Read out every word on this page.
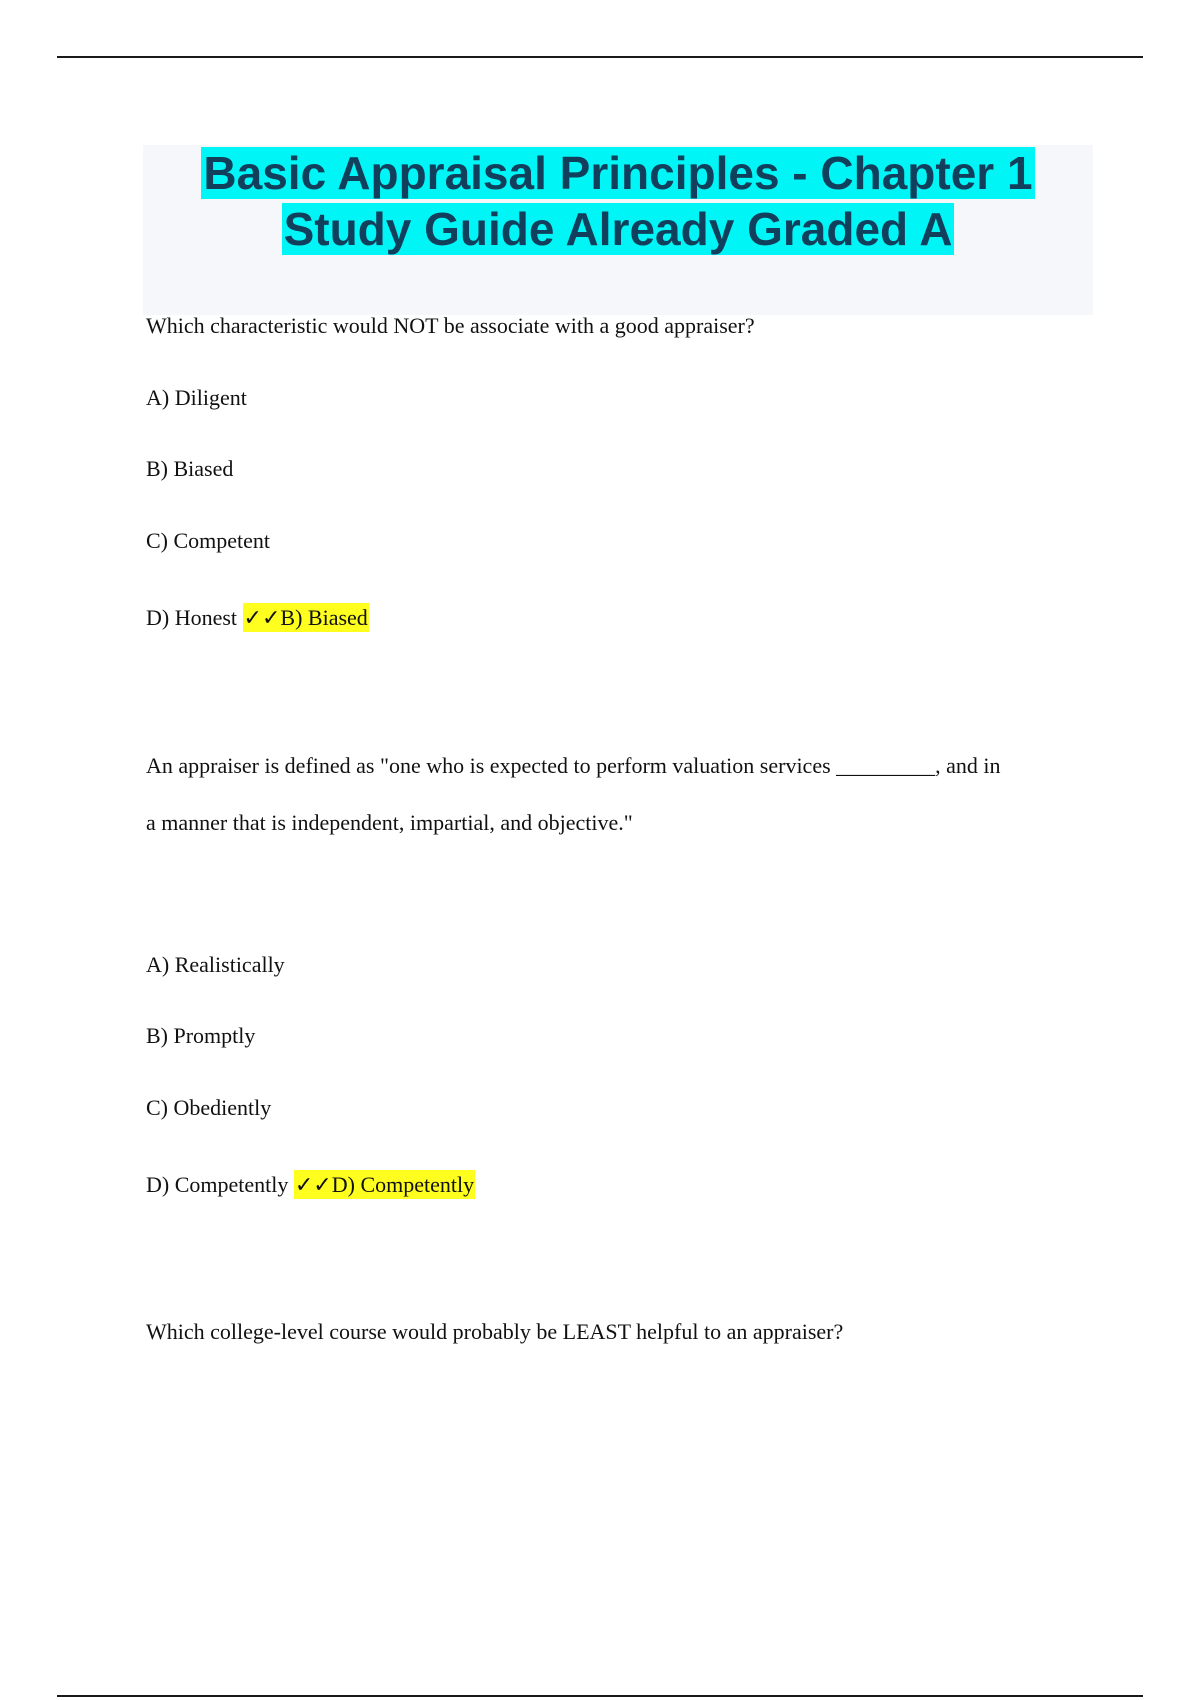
Basic Appraisal Principles - Chapter 1
Study Guide Already Graded A
Which characteristic would NOT be associate with a good appraiser?
A) Diligent
B) Biased
C) Competent
D) Honest ✓✓B) Biased
An appraiser is defined as "one who is expected to perform valuation services _________, and in
a manner that is independent, impartial, and objective."
A) Realistically
B) Promptly
C) Obediently
D) Competently ✓✓D) Competently
Which college-level course would probably be LEAST helpful to an appraiser?
